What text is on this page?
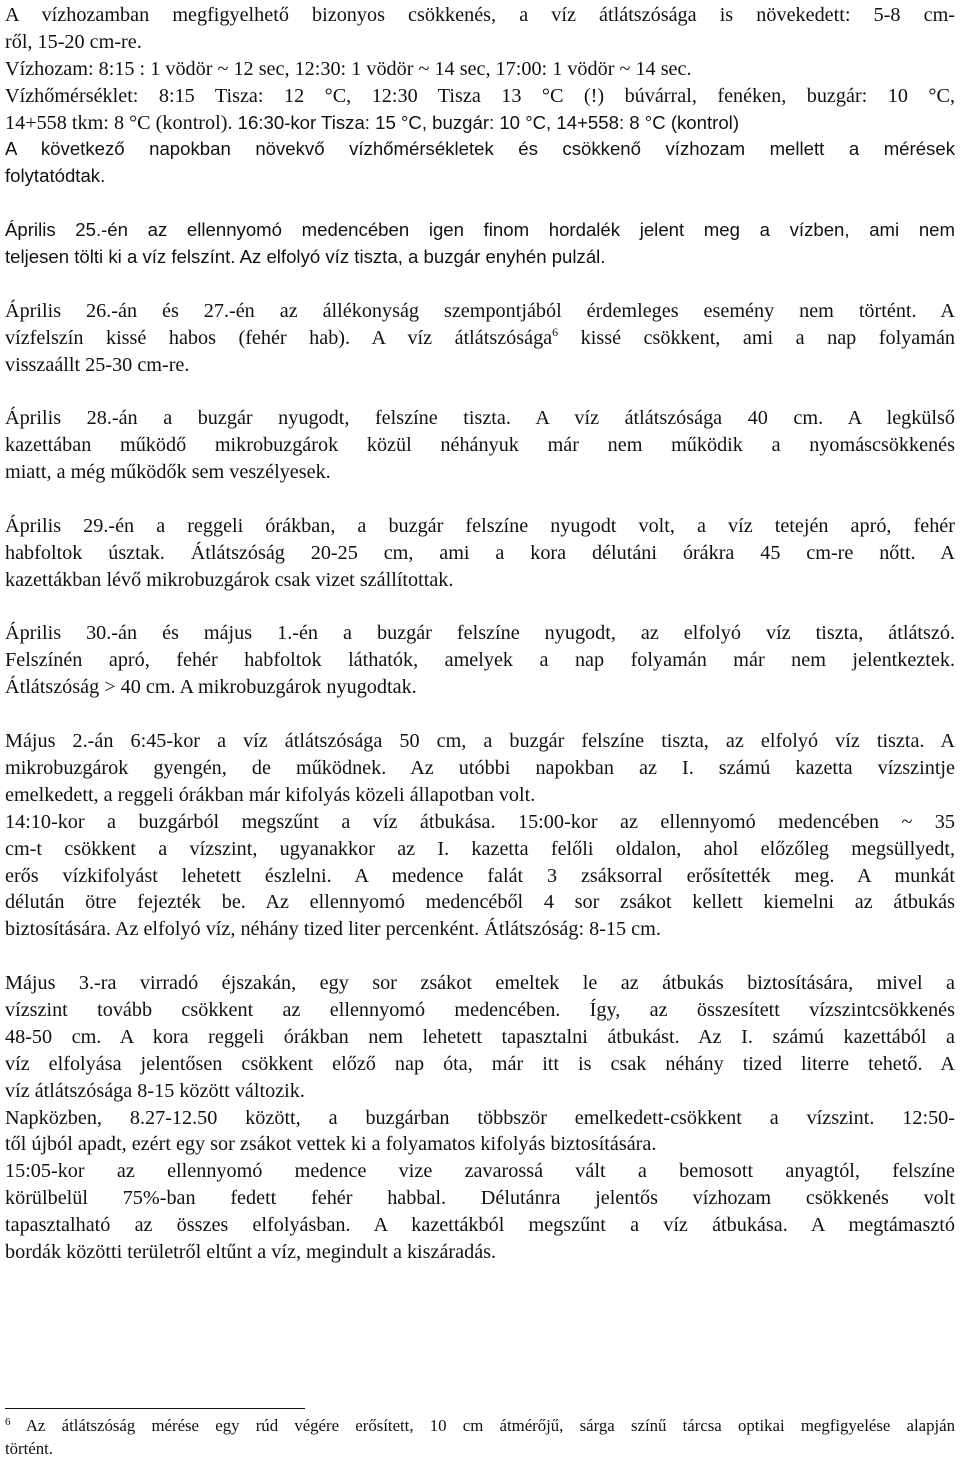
A vízhozamban megfigyelhető bizonyos csökkenés, a víz átlátszósága is növekedett: 5-8 cm-
ről, 15-20 cm-re.
Vízhozam: 8:15 : 1 vödör ~ 12 sec, 12:30: 1 vödör ~ 14 sec, 17:00: 1 vödör ~ 14 sec.
Vízhőmérséklet: 8:15 Tisza: 12 °C, 12:30 Tisza 13 °C (!) búvárral, fenéken, buzgár: 10 °C,
14+558 tkm: 8 °C (kontrol). 16:30-kor Tisza: 15 °C, buzgár: 10 °C, 14+558: 8 °C (kontrol)
A következő napokban növekvő vízhőmérsékletek és csökkenő vízhozam mellett a mérések
folytatódtak.
Április 25.-én az ellennyomó medencében igen finom hordalék jelent meg a vízben, ami nem
teljesen tölti ki a víz felszínt. Az elfolyó víz tiszta, a buzgár enyhén pulzál.
Április 26.-án és 27.-én az állékonyság szempontjából érdemleges esemény nem történt. A
vízfelszín kissé habos (fehér hab). A víz átlátszósága$^6$ kissé csökkent, ami a nap folyamán
visszaállt 25-30 cm-re.
Április 28.-án a buzgár nyugodt, felszíne tiszta. A víz átlátszósága 40 cm. A legkülső
kazettában működő mikrobuzgárok közül néhányuk már nem működik a nyomáscsökkenés
miatt, a még működők sem veszélyesek.
Április 29.-én a reggeli órákban, a buzgár felszíne nyugodt volt, a víz tetején apró, fehér
habfoltok úsztak. Átlátszóság 20-25 cm, ami a kora délutáni órákra 45 cm-re nőtt. A
kazettákban lévő mikrobuzgárok csak vizet szállítottak.
Április 30.-án és május 1.-én a buzgár felszíne nyugodt, az elfolyó víz tiszta, átlátszó.
Felszínén apró, fehér habfoltok láthatók, amelyek a nap folyamán már nem jelentkeztek.
Átlátszóság > 40 cm. A mikrobuzgárok nyugodtak.
Május 2.-án 6:45-kor a víz átlátszósága 50 cm, a buzgár felszíne tiszta, az elfolyó víz tiszta. A
mikrobuzgárok gyengén, de működnek. Az utóbbi napokban az I. számú kazetta vízszintje
emelkedett, a reggeli órákban már kifolyás közeli állapotban volt.
14:10-kor a buzgárból megszűnt a víz átbukása. 15:00-kor az ellennyomó medencében ~ 35
cm-t csökkent a vízszint, ugyanakkor az I. kazetta felőli oldalon, ahol előzőleg megsüllyedt,
erős vízkifolyást lehetett észlelni. A medence falát 3 zsáksorral erősítették meg. A munkát
délután ötre fejezték be. Az ellennyomó medencéből 4 sor zsákot kellett kiemelni az átbukás
biztosítására. Az elfolyó víz, néhány tized liter percenként. Átlátszóság: 8-15 cm.
Május 3.-ra virradó éjszakán, egy sor zsákot emeltek le az átbukás biztosítására, mivel a
vízszint tovább csökkent az ellennyomó medencében. Így, az összesített vízszintcsökkenés
48-50 cm. A kora reggeli órákban nem lehetett tapasztalni átbukást. Az I. számú kazettából a
víz elfolyása jelentősen csökkent előző nap óta, már itt is csak néhány tized literre tehető. A
víz átlátszósága 8-15 között változik.
Napközben, 8.27-12.50 között, a buzgárban többször emelkedett-csökkent a vízszint. 12:50-
től újból apadt, ezért egy sor zsákot vettek ki a folyamatos kifolyás biztosítására.
15:05-kor az ellennyomó medence vize zavarossá vált a bemosott anyagtól, felszíne
körülbelül 75%-ban fedett fehér habbal. Délutánra jelentős vízhozam csökkenés volt
tapasztalható az összes elfolyásban. A kazettákból megszűnt a víz átbukása. A megtámasztó
bordák közötti területről eltűnt a víz, megindult a kiszáradás.
$^6$ Az átlátszóság mérése egy rúd végére erősített, 10 cm átmérőjű, sárga színű tárcsa optikai megfigyelése alapján
történt.
